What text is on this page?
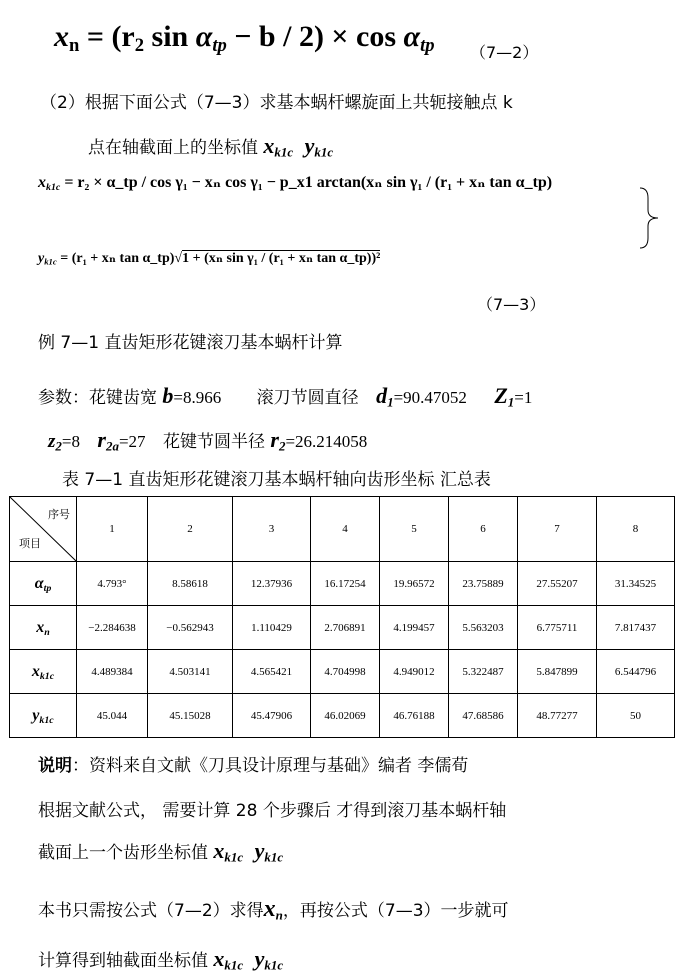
$x_n = (r_2$ $\sin \alpha_{tp} - b / 2) \times \cos \alpha_{tp}$ （7—2）
（2）根据下面公式（7—3）求基本蜗杆螺旋面上共轭接触点 k
点在轴截面上的坐标值 $x_{k1c}$ $y_{k1c}$
$x_{k1c} = r_2$ × α_tp / cos γ₁ − xₙ cos γ₁ − p_x1 arctan(xₙ sin γ₁ / (r₁ + xₙ tan α_tp)
$y_{k1c} = (r_1 + x_n$ tan α_tp)√1 + (xₙ sin γ₁ / (r₁ + xₙ tan α_tp))²
（7—3）
例 7—1 直齿矩形花键滚刀基本蜗杆计算
参数：花键齿宽 b=8.966 滚刀节圆直径 $d_1=90.47052$ $Z_1=1$
$z_2=8$ $r_{2a}=27$ 花键节圆半径 $r_2=26.214058$
表 7—1 直齿矩形花键滚刀基本蜗杆轴向齿形坐标 汇总表
序号
项目	1	2	3	4	5	6	7	8
$\alpha_{tp}$	4.793°	8.58618	12.37936	16.17254	19.96572	23.75889	27.55207	31.34525
$x_n$	−2.284638	−0.562943	1.110429	2.706891	4.199457	5.563203	6.775711	7.817437
$x_{k1c}$	4.489384	4.503141	4.565421	4.704998	4.949012	5.322487	5.847899	6.544796
$y_{k1c}$	45.044	45.15028	45.47906	46.02069	46.76188	47.68586	48.77277	50
说明：资料来自文献《刀具设计原理与基础》编者 李儒荀
根据文献公式， 需要计算 28 个步骤后 才得到滚刀基本蜗杆轴
截面上一个齿形坐标值 $x_{k1c}$ $y_{k1c}$
本书只需按公式（7—2）求得$x_n$，再按公式（7—3）一步就可
计算得到轴截面坐标值 $x_{k1c}$ $y_{k1c}$
